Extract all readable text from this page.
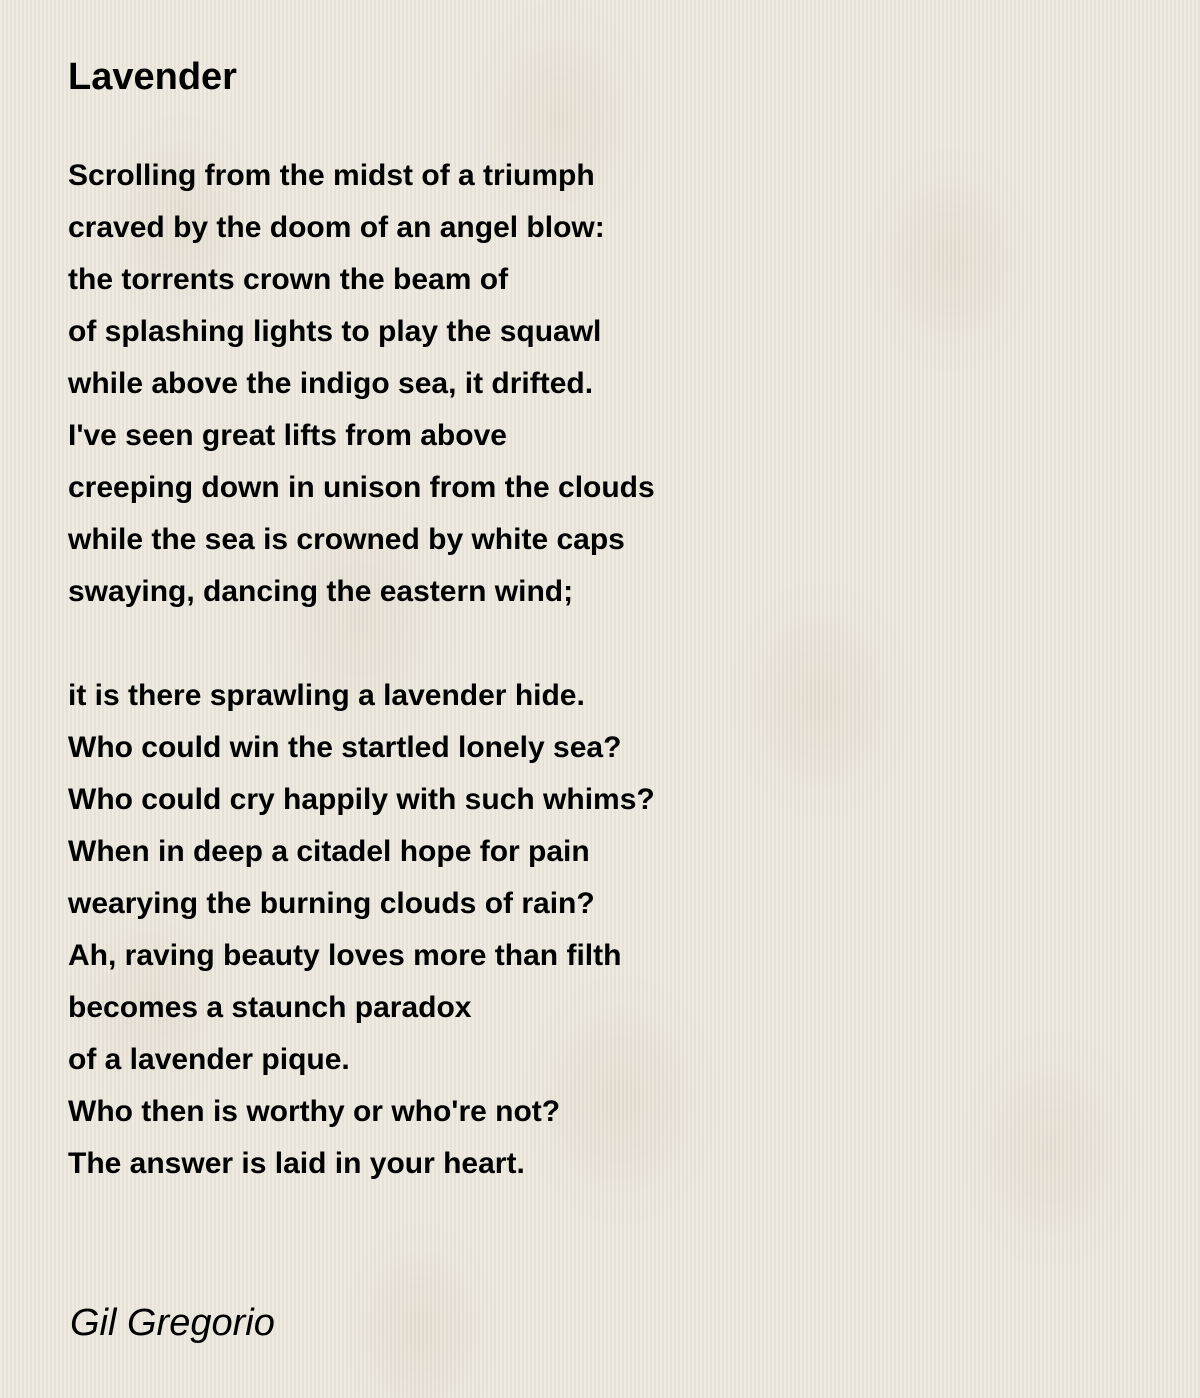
Lavender
Scrolling from the midst of a triumph
craved by the doom of an angel blow:
the torrents crown the beam of
of splashing lights to play the squawl
while above the indigo sea, it drifted.
I've seen great lifts from above
creeping down in unison from the clouds
while the sea is crowned by white caps
swaying, dancing the eastern wind;
it is there sprawling a lavender hide.
Who could win the startled lonely sea?
Who could cry happily with such whims?
When in deep a citadel hope for pain
wearying the burning clouds of rain?
Ah, raving beauty loves more than filth
becomes a staunch paradox
of a lavender pique.
Who then is worthy or who're not?
The answer is laid in your heart.

Gil Gregorio
